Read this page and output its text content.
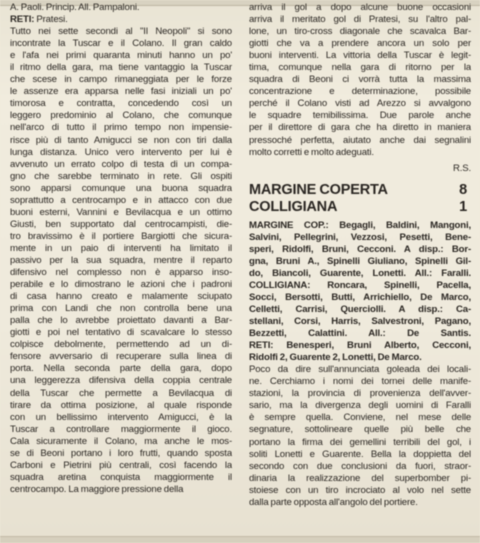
A. Paoli. Princip. All. Pampaloni.
RETI: Pratesi.
Tutto nei sette secondi al "Il Neopoli" si sono
incontrate la Tuscar e il Colano. Il gran caldo
e l'afa nei primi quaranta minuti hanno un po'
il ritmo della gara, ma tiene vantaggio la Tuscar
che scese in campo rimaneggiata per le forze
le assenze era apparsa nelle fasi iniziali un po'
timorosa e contratta, concedendo così un
leggero predominio al Colano, che comunque
nell'arco di tutto il primo tempo non impensie-
risce più di tanto Amigucci se non con tiri dalla
lunga distanza. Unico vero intervento per lui è
avvenuto un errato colpo di testa di un compa-
gno che sarebbe terminato in rete. Gli ospiti
sono apparsi comunque una buona squadra
soprattutto a centrocampo e in attacco con due
buoni esterni, Vannini e Bevilacqua e un ottimo
Giusti, ben supportato dal centrocampisti, die-
tro bravissimo è il portiere Bargiotti che sicura-
mente in un paio di interventi ha limitato il
passivo per la sua squadra, mentre il reparto
difensivo nel complesso non è apparso inso-
perabile e lo dimostrano le azioni che i padroni
di casa hanno creato e malamente sciupato
prima con Landi che non controlla bene una
palla che lo avrebbe proiettato davanti a Bar-
giotti e poi nel tentativo di scavalcare lo stesso
colpisce debolmente, permettendo ad un di-
fensore avversario di recuperare sulla linea di
porta. Nella seconda parte della gara, dopo
una leggerezza difensiva della coppia centrale
della Tuscar che permette a Bevilacqua di
tirare da ottima posizione, al quale risponde
con un bellissimo intervento Amigucci, è la
Tuscar a controllare maggiormente il gioco.
Cala sicuramente il Colano, ma anche le mos-
se di Beoni portano i loro frutti, quando sposta
Carboni e Pietrini più centrali, così facendo la
squadra aretina conquista maggiormente il
centrocampo. La maggiore pressione della
arriva il gol a dopo alcune buone occasioni
arriva il meritato gol di Pratesi, su l'altro pal-
lone, un tiro-cross diagonale che scavalca Bar-
giotti che va a prendere ancora un solo per
buoni interventi. La vittoria della Tuscar è legit-
tima, comunque nella gara di ritorno per la
squadra di Beoni ci vorrà tutta la massima
concentrazione e determinazione, possibile
perché il Colano visti ad Arezzo si avvalgono
le squadre temibilissima. Due parole anche
per il direttore di gara che ha diretto in maniera
pressoché perfetta, aiutato anche dai segnalini
molto corretti e molto adeguati.
R.S.
MARGINE COPERTA	8
COLLIGIANA	1
MARGINE COP.: Begagli, Baldini, Mangoni,
Salvini, Pellegrini, Vezzosi, Pesetti, Bene-
speri, Ridolfi, Bruni, Cecconi. A disp.: Bor-
gna, Bruni A., Spinelli Giuliano, Spinelli Gil-
do, Biancoli, Guarente, Lonetti. All.: Faralli.
COLLIGIANA: Roncara, Spinelli, Pacella,
Socci, Bersotti, Butti, Arrichiello, De Marco,
Celletti, Carrisi, Querciolli. A disp.: Ca-
stellani, Corsi, Harris, Salvestroni, Pagano,
Bezzetti, Calattini. All.: De Santis.
RETI: Benesperi, Bruni Alberto, Cecconi,
Ridolfi 2, Guarente 2, Lonetti, De Marco.
Poco da dire sull'annunciata goleada dei locali-
ne. Cerchiamo i nomi dei tornei delle manife-
stazioni, la provincia di provenienza dell'avver-
sario, ma la divergenza degli uomini di Faralli
è sempre quella. Conviene, nel mese delle
segnature, sottolineare quelle più belle che
portano la firma dei gemellini terribili del gol, i
soliti Lonetti e Guarente. Bella la doppietta del
secondo con due conclusioni da fuori, straor-
dinaria la realizzazione del superbomber pi-
stoiese con un tiro incrociato al volo nel sette
dalla parte opposta all'angolo del portiere.
